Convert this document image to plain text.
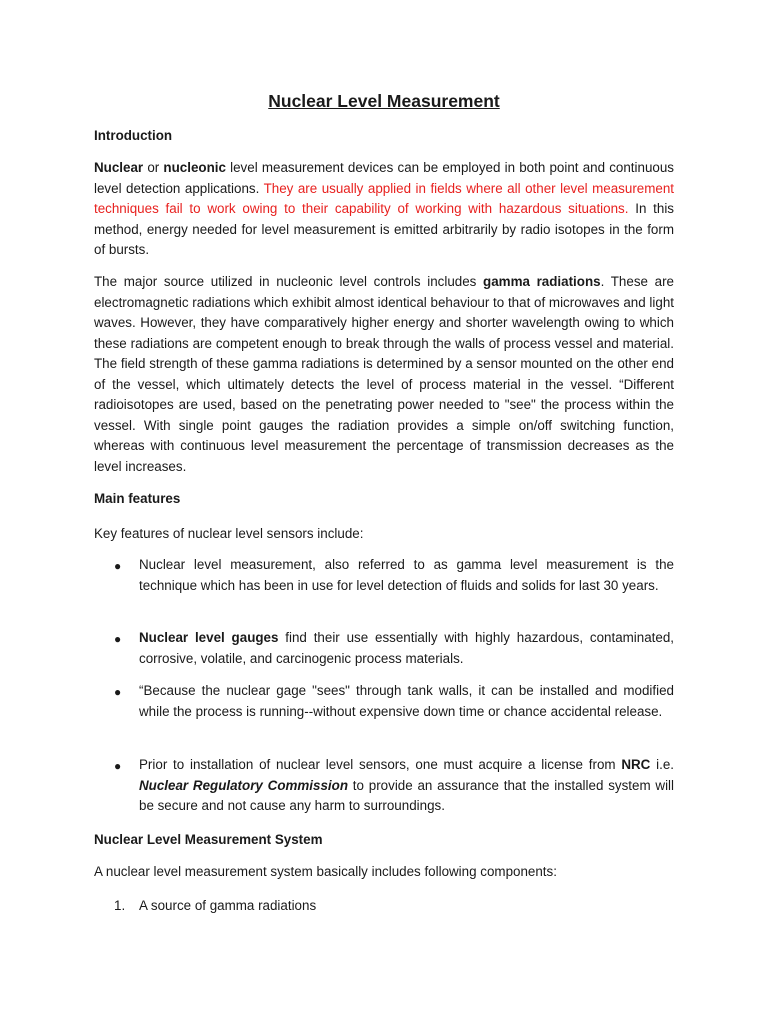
Nuclear Level Measurement
Introduction
Nuclear or nucleonic level measurement devices can be employed in both point and continuous level detection applications. They are usually applied in fields where all other level measurement techniques fail to work owing to their capability of working with hazardous situations. In this method, energy needed for level measurement is emitted arbitrarily by radio isotopes in the form of bursts.
The major source utilized in nucleonic level controls includes gamma radiations. These are electromagnetic radiations which exhibit almost identical behaviour to that of microwaves and light waves. However, they have comparatively higher energy and shorter wavelength owing to which these radiations are competent enough to break through the walls of process vessel and material. The field strength of these gamma radiations is determined by a sensor mounted on the other end of the vessel, which ultimately detects the level of process material in the vessel. “Different radioisotopes are used, based on the penetrating power needed to "see" the process within the vessel. With single point gauges the radiation provides a simple on/off switching function, whereas with continuous level measurement the percentage of transmission decreases as the level increases.
Main features
Key features of nuclear level sensors include:
● Nuclear level measurement, also referred to as gamma level measurement is the technique which has been in use for level detection of fluids and solids for last 30 years.
● Nuclear level gauges find their use essentially with highly hazardous, contaminated, corrosive, volatile, and carcinogenic process materials.
● “Because the nuclear gage "sees" through tank walls, it can be installed and modified while the process is running--without expensive down time or chance accidental release.
● Prior to installation of nuclear level sensors, one must acquire a license from NRC i.e. Nuclear Regulatory Commission to provide an assurance that the installed system will be secure and not cause any harm to surroundings.
Nuclear Level Measurement System
A nuclear level measurement system basically includes following components:
1. A source of gamma radiations
